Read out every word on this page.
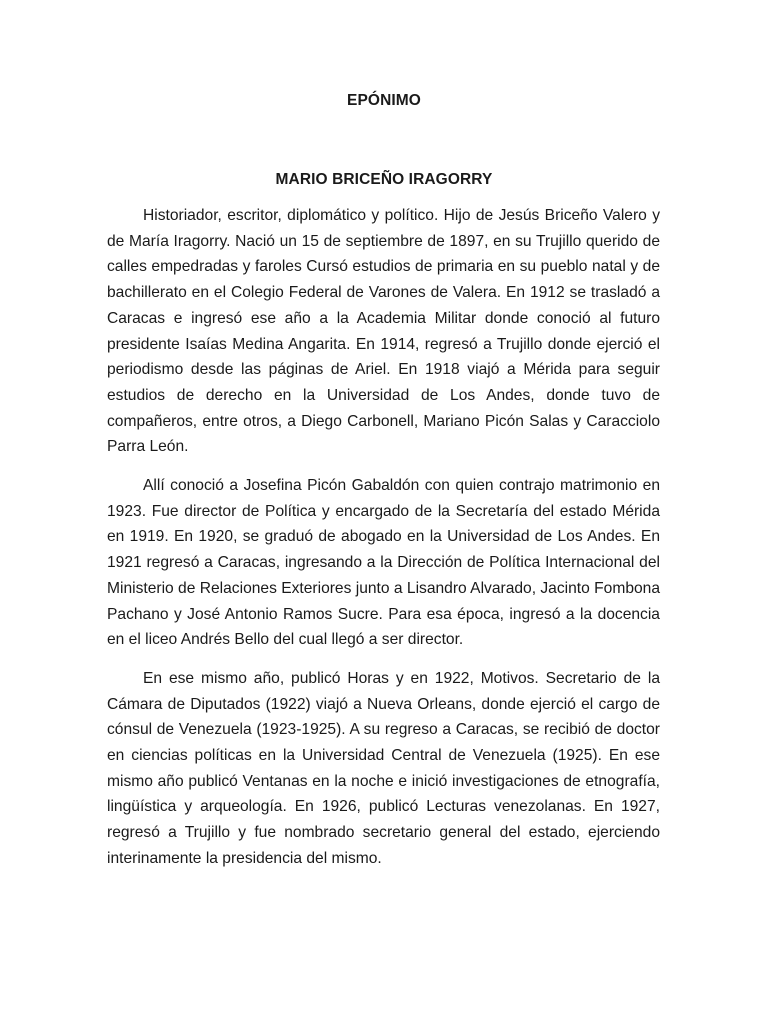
EPÓNIMO
MARIO BRICEÑO IRAGORRY

Historiador, escritor, diplomático y político. Hijo de Jesús Briceño Valero y de María Iragorry. Nació un 15 de septiembre de 1897, en su Trujillo querido de calles empedradas y faroles Cursó estudios de primaria en su pueblo natal y de bachillerato en el Colegio Federal de Varones de Valera. En 1912 se trasladó a Caracas e ingresó ese año a la Academia Militar donde conoció al futuro presidente Isaías Medina Angarita. En 1914, regresó a Trujillo donde ejerció el periodismo desde las páginas de Ariel. En 1918 viajó a Mérida para seguir estudios de derecho en la Universidad de Los Andes, donde tuvo de compañeros, entre otros, a Diego Carbonell, Mariano Picón Salas y Caracciolo Parra León.

Allí conoció a Josefina Picón Gabaldón con quien contrajo matrimonio en 1923. Fue director de Política y encargado de la Secretaría del estado Mérida en 1919. En 1920, se graduó de abogado en la Universidad de Los Andes. En 1921 regresó a Caracas, ingresando a la Dirección de Política Internacional del Ministerio de Relaciones Exteriores junto a Lisandro Alvarado, Jacinto Fombona Pachano y José Antonio Ramos Sucre. Para esa época, ingresó a la docencia en el liceo Andrés Bello del cual llegó a ser director.

En ese mismo año, publicó Horas y en 1922, Motivos. Secretario de la Cámara de Diputados (1922) viajó a Nueva Orleans, donde ejerció el cargo de cónsul de Venezuela (1923-1925). A su regreso a Caracas, se recibió de doctor en ciencias políticas en la Universidad Central de Venezuela (1925). En ese mismo año publicó Ventanas en la noche e inició investigaciones de etnografía, lingüística y arqueología. En 1926, publicó Lecturas venezolanas. En 1927, regresó a Trujillo y fue nombrado secretario general del estado, ejerciendo interinamente la presidencia del mismo.
